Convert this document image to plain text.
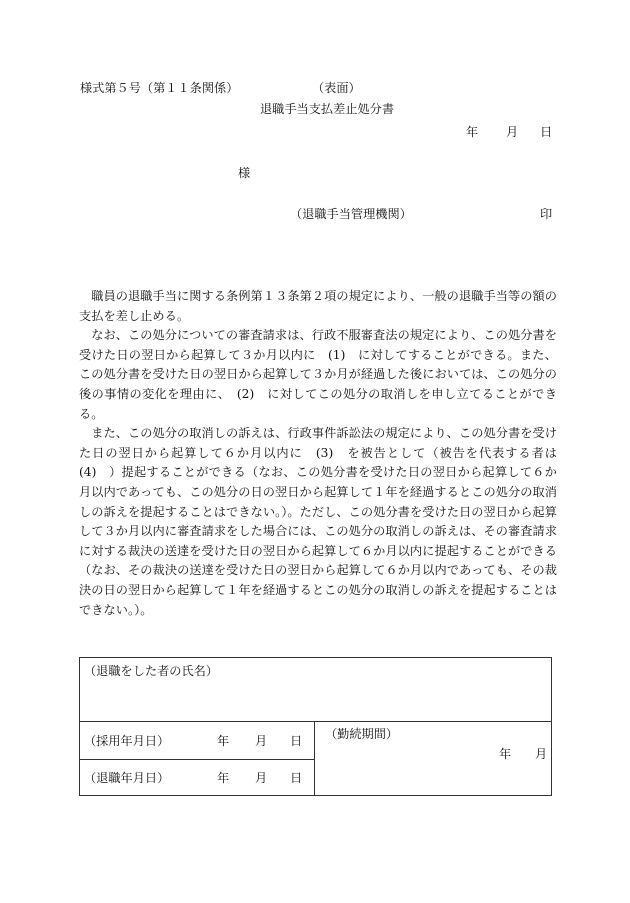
様式第５号（第１１条関係）	（表面）
退職手当支払差止処分書
年 月 日
様
（退職手当管理機関）	印

職員の退職手当に関する条例第１３条第２項の規定により、一般の退職手当等の額の支払を差し止める。

なお、この処分についての審査請求は、行政不服審査法の規定により、この処分書を受けた日の翌日から起算して３か月以内に　(1)　に対してすることができる。また、この処分書を受けた日の翌日から起算して３か月が経過した後においては、この処分の後の事情の変化を理由に、　(2)　に対してこの処分の取消しを申し立てることができる。

また、この処分の取消しの訴えは、行政事件訴訟法の規定により、この処分書を受けた日の翌日から起算して６か月以内に　(3)　を被告として（被告を代表する者は　(4)　）提起することができる（なお、この処分書を受けた日の翌日から起算して６か月以内であっても、この処分の日の翌日から起算して１年を経過するとこの処分の取消しの訴えを提起することはできない。）。ただし、この処分書を受けた日の翌日から起算して３か月以内に審査請求をした場合には、この処分の取消しの訴えは、その審査請求に対する裁決の送達を受けた日の翌日から起算して６か月以内に提起することができる（なお、その裁決の送達を受けた日の翌日から起算して６か月以内であっても、その裁決の日の翌日から起算して１年を経過するとこの処分の取消しの訴えを提起することはできない。）。

（退職をした者の氏名）
（採用年月日）	年 月 日
（退職年月日）	年 月 日
（勤続期間）
年 月
